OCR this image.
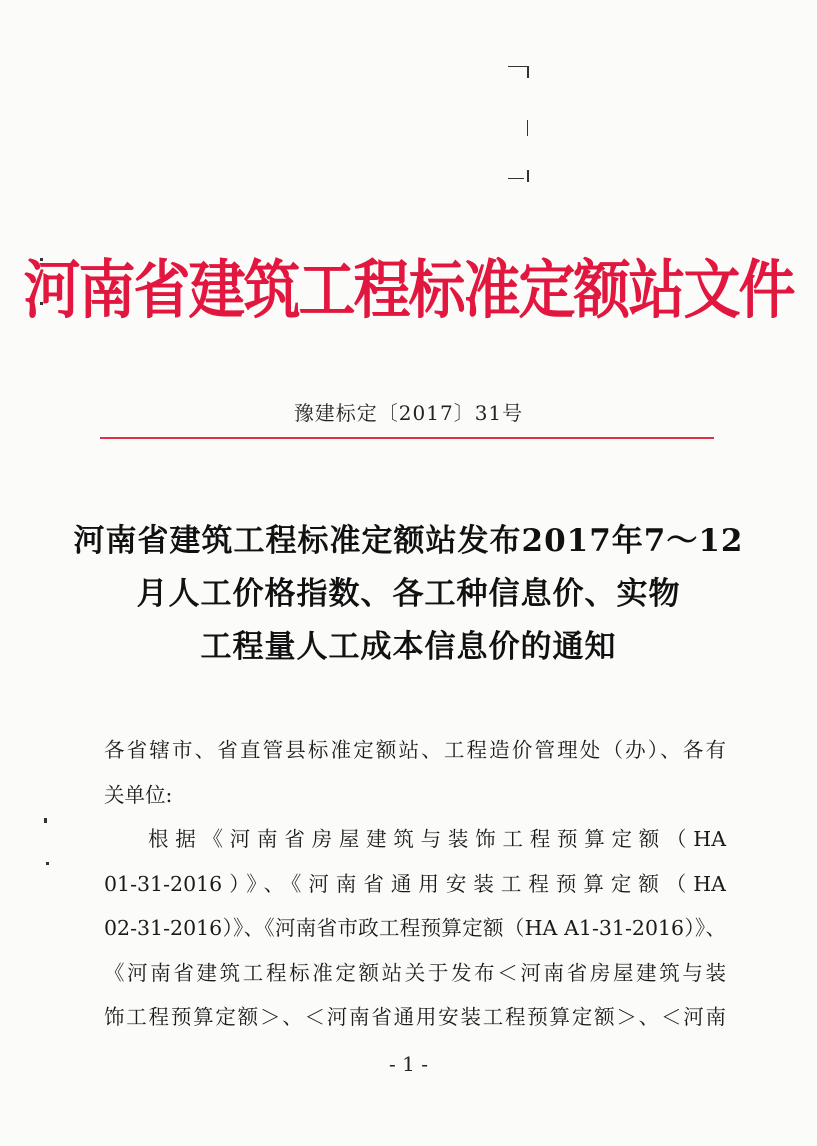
河南省建筑工程标准定额站文件
豫建标定〔2017〕31号
河南省建筑工程标准定额站发布2017年7～12
月人工价格指数、各工种信息价、实物
工程量人工成本信息价的通知
各省辖市、省直管县标准定额站、工程造价管理处（办）、各有
关单位:
根据《河南省房屋建筑与装饰工程预算定额（HA
01-31-2016）》、《河南省通用安装工程预算定额（HA
02-31-2016）》、《河南省市政工程预算定额（HA A1-31-2016）》、
《河南省建筑工程标准定额站关于发布＜河南省房屋建筑与装
饰工程预算定额＞、＜河南省通用安装工程预算定额＞、＜河南
- 1 -
